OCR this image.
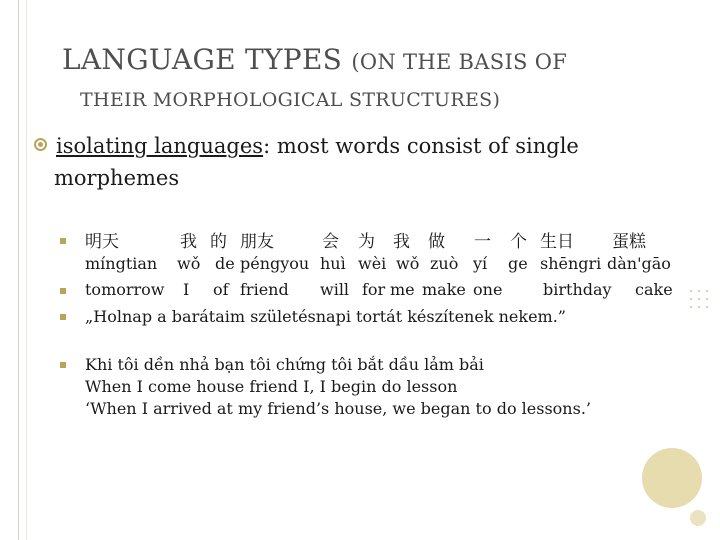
LANGUAGE TYPES (ON THE BASIS OF
THEIR MORPHOLOGICAL STRUCTURES)
isolating languages: most words consist of single
morphemes
明天	我 的 朋友	会 为 我 做 一 个 生日 蛋糕
míngtian wǒ de péngyou huì wèi wǒ zuò yí ge shēngri dàn'gāo
tomorrow I of friend will for me make one	birthday cake
„Holnap a barátaim születésnapi tortát készítenek nekem.”
Khi tôi dền nhả bạn tôi chứng tôi bắt dầu lảm bải
When I come house friend I, I begin do lesson
‘When I arrived at my friend’s house, we began to do lessons.’
